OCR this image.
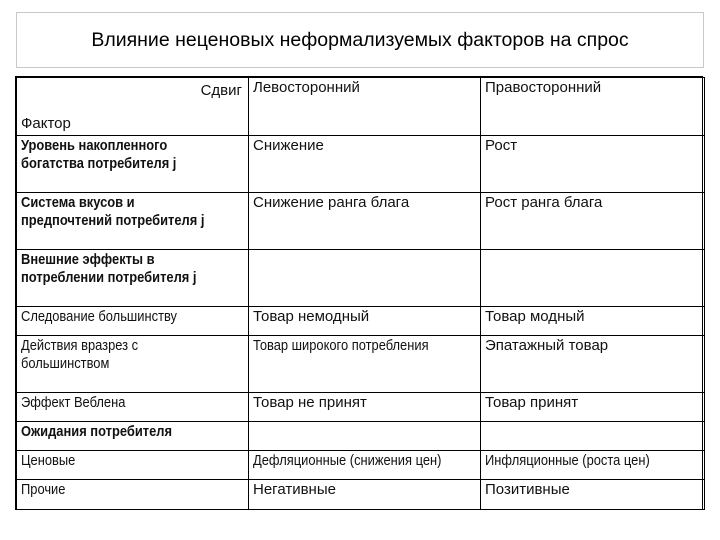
Влияние неценовых неформализуемых факторов на спрос
Сдвиг
Фактор	Левосторонний	Правосторонний
Уровень накопленного
богатства потребителя j	Снижение	Рост
Система вкусов и
предпочтений потребителя j	Снижение ранга блага	Рост ранга блага
Внешние эффекты в
потреблении потребителя j		
Следование большинству	Товар немодный	Товар модный
Действия вразрез с
большинством	Товар широкого потребления	Эпатажный товар
Эффект Веблена	Товар не принят	Товар принят
Ожидания потребителя		
Ценовые	Дефляционные (снижения цен)	Инфляционные (роста цен)
Прочие	Негативные	Позитивные
